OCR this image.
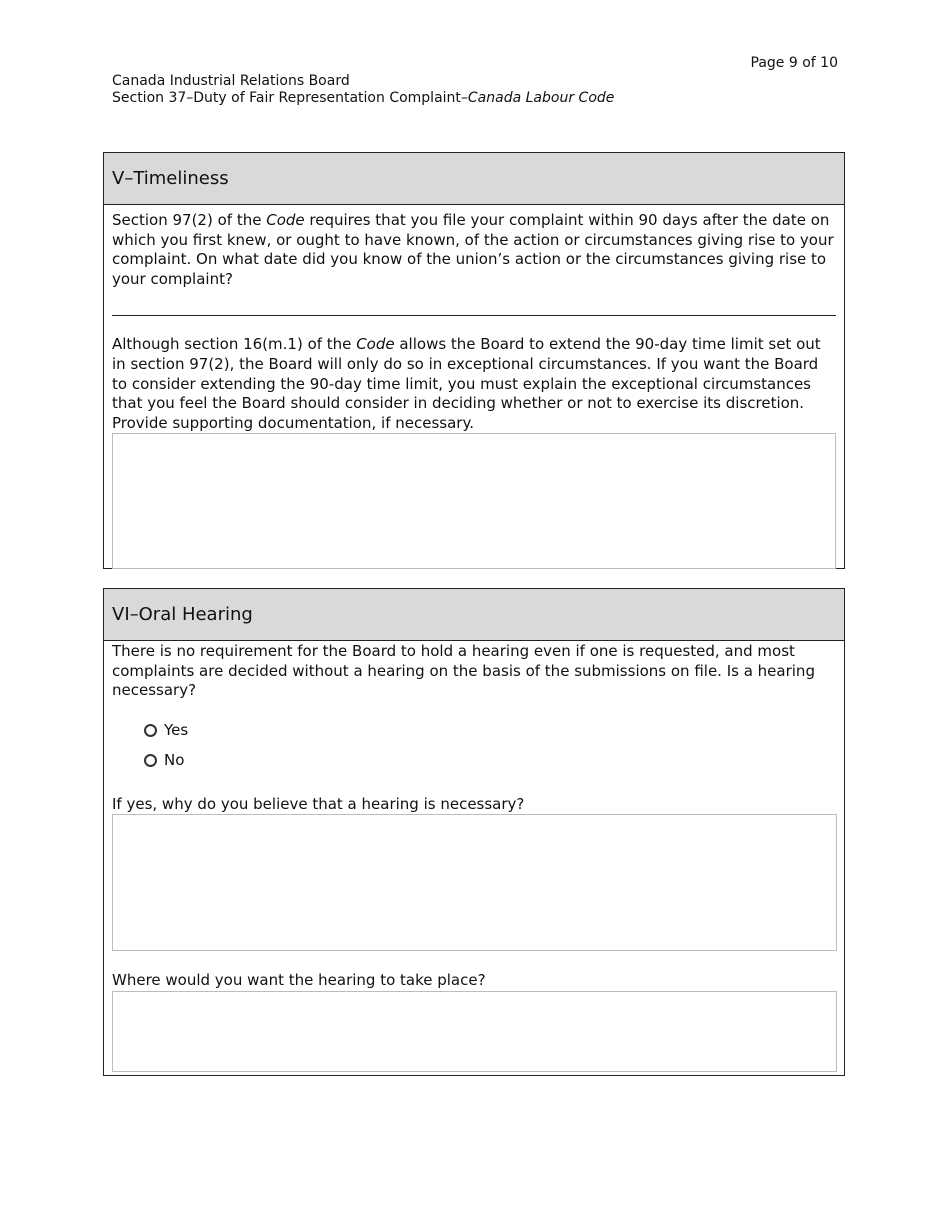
Page 9 of 10
Canada Industrial Relations Board
Section 37–Duty of Fair Representation Complaint–Canada Labour Code
V–Timeliness

Section 97(2) of the Code requires that you file your complaint within 90 days after the date on which you first knew, or ought to have known, of the action or circumstances giving rise to your complaint. On what date did you know of the union’s action or the circumstances giving rise to your complaint?

Although section 16(m.1) of the Code allows the Board to extend the 90-day time limit set out in section 97(2), the Board will only do so in exceptional circumstances. If you want the Board to consider extending the 90-day time limit, you must explain the exceptional circumstances that you feel the Board should consider in deciding whether or not to exercise its discretion. Provide supporting documentation, if necessary.

VI–Oral Hearing

There is no requirement for the Board to hold a hearing even if one is requested, and most complaints are decided without a hearing on the basis of the submissions on file. Is a hearing necessary?

Yes
No

If yes, why do you believe that a hearing is necessary?

Where would you want the hearing to take place?
